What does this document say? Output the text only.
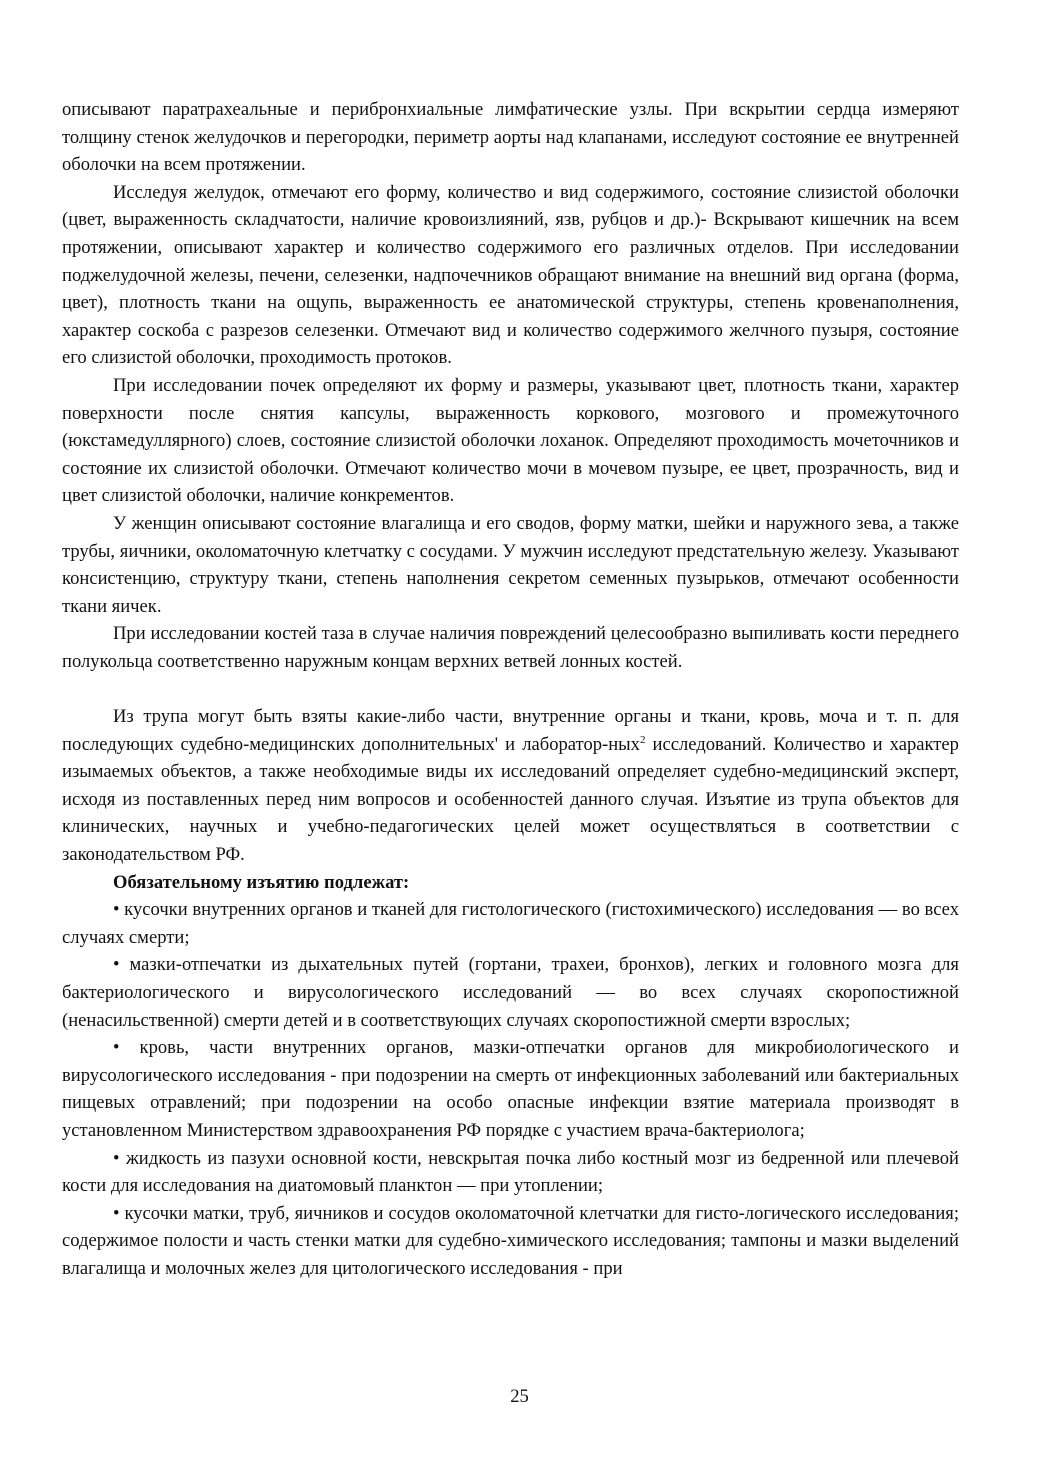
описывают паратрахеальные и перибронхиальные лимфатические узлы. При вскрытии сердца измеряют толщину стенок желудочков и перегородки, периметр аорты над клапанами, исследуют состояние ее внутренней оболочки на всем протяжении.

Исследуя желудок, отмечают его форму, количество и вид содержимого, состояние слизистой оболочки (цвет, выраженность складчатости, наличие кровоизлияний, язв, рубцов и др.)- Вскрывают кишечник на всем протяжении, описывают характер и количество содержимого его различных отделов. При исследовании поджелудочной железы, печени, селезенки, надпочечников обращают внимание на внешний вид органа (форма, цвет), плотность ткани на ощупь, выраженность ее анатомической структуры, степень кровенаполнения, характер соскоба с разрезов селезенки. Отмечают вид и количество содержимого желчного пузыря, состояние его слизистой оболочки, проходимость протоков.

При исследовании почек определяют их форму и размеры, указывают цвет, плотность ткани, характер поверхности после снятия капсулы, выраженность коркового, мозгового и промежуточного (юкстамедуллярного) слоев, состояние слизистой оболочки лоханок. Определяют проходимость мочеточников и состояние их слизистой оболочки. Отмечают количество мочи в мочевом пузыре, ее цвет, прозрачность, вид и цвет слизистой оболочки, наличие конкрементов.

У женщин описывают состояние влагалища и его сводов, форму матки, шейки и наружного зева, а также трубы, яичники, околоматочную клетчатку с сосудами. У мужчин исследуют предстательную железу. Указывают консистенцию, структуру ткани, степень наполнения секретом семенных пузырьков, отмечают особенности ткани яичек.

При исследовании костей таза в случае наличия повреждений целесообразно выпиливать кости переднего полукольца соответственно наружным концам верхних ветвей лонных костей.

Из трупа могут быть взяты какие-либо части, внутренние органы и ткани, кровь, моча и т. п. для последующих судебно-медицинских дополнительных' и лаборатор-ных$^2$ исследований. Количество и характер изымаемых объектов, а также необходимые виды их исследований определяет судебно-медицинский эксперт, исходя из поставленных перед ним вопросов и особенностей данного случая. Изъятие из трупа объектов для клинических, научных и учебно-педагогических целей может осуществляться в соответствии с законодательством РФ.

Обязательному изъятию подлежат:

• кусочки внутренних органов и тканей для гистологического (гистохимического) исследования — во всех случаях смерти;

• мазки-отпечатки из дыхательных путей (гортани, трахеи, бронхов), легких и головного мозга для бактериологического и вирусологического исследований — во всех случаях скоропостижной (ненасильственной) смерти детей и в соответствующих случаях скоропостижной смерти взрослых;

• кровь, части внутренних органов, мазки-отпечатки органов для микробиологического и вирусологического исследования - при подозрении на смерть от инфекционных заболеваний или бактериальных пищевых отравлений; при подозрении на особо опасные инфекции взятие материала производят в установленном Министерством здравоохранения РФ порядке с участием врача-бактериолога;

• жидкость из пазухи основной кости, невскрытая почка либо костный мозг из бедренной или плечевой кости для исследования на диатомовый планктон — при утоплении;

• кусочки матки, труб, яичников и сосудов околоматочной клетчатки для гисто-логического исследования; содержимое полости и часть стенки матки для судебно-химического исследования; тампоны и мазки выделений влагалища и молочных желез для цитологического исследования - при

25
